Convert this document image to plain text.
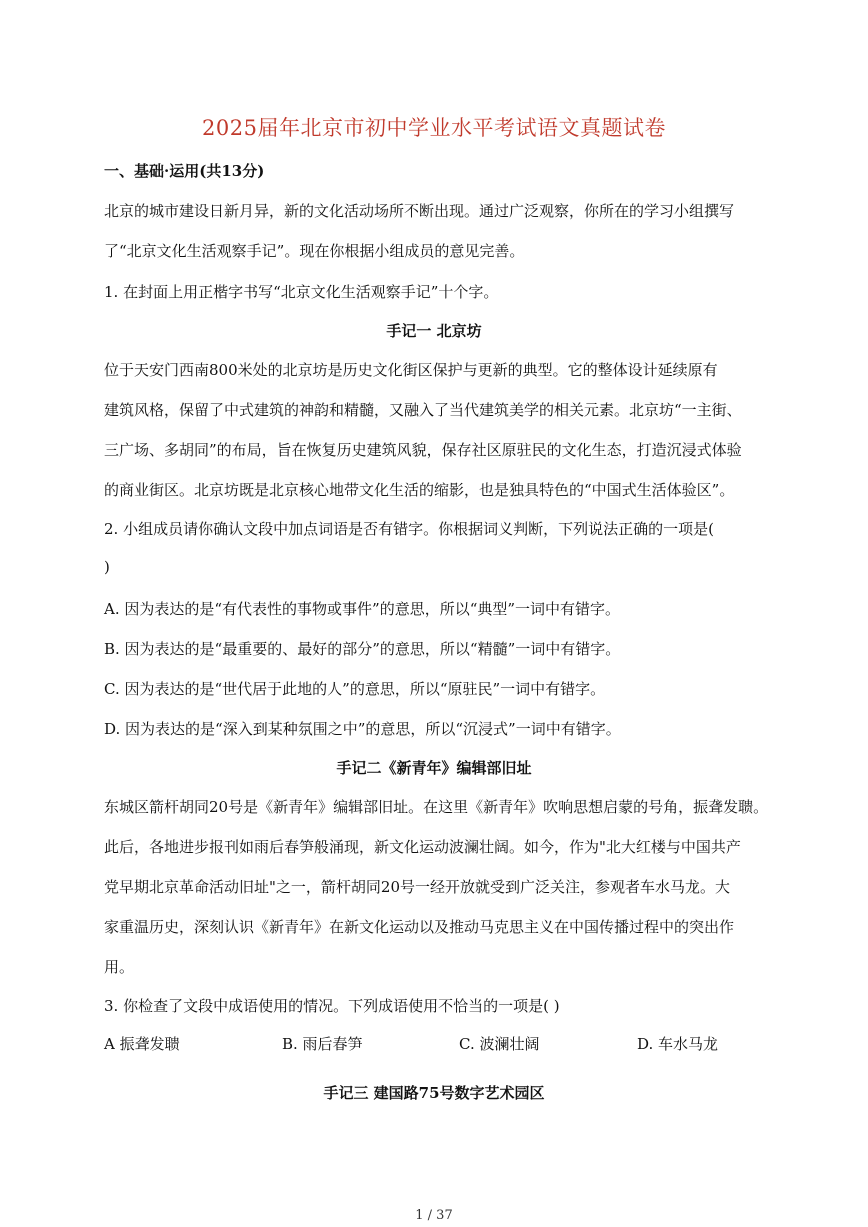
2025届年北京市初中学业水平考试语文真题试卷
一、基础·运用(共13分)
北京的城市建设日新月异，新的文化活动场所不断出现。通过广泛观察，你所在的学习小组撰写
了“北京文化生活观察手记”。现在你根据小组成员的意见完善。
1. 在封面上用正楷字书写“北京文化生活观察手记”十个字。
手记一 北京坊
位于天安门西南800米处的北京坊是历史文化街区保护与更新的典型。它的整体设计延续原有
建筑风格，保留了中式建筑的神韵和精髓，又融入了当代建筑美学的相关元素。北京坊“一主街、
三广场、多胡同”的布局，旨在恢复历史建筑风貌，保存社区原驻民的文化生态，打造沉浸式体验
的商业街区。北京坊既是北京核心地带文化生活的缩影，也是独具特色的“中国式生活体验区”。
2. 小组成员请你确认文段中加点词语是否有错字。你根据词义判断，下列说法正确的一项是(
)
A. 因为表达的是“有代表性的事物或事件”的意思，所以“典型”一词中有错字。
B. 因为表达的是“最重要的、最好的部分”的意思，所以“精髓”一词中有错字。
C. 因为表达的是“世代居于此地的人”的意思，所以“原驻民”一词中有错字。
D. 因为表达的是“深入到某种氛围之中”的意思，所以“沉浸式”一词中有错字。
手记二《新青年》编辑部旧址
东城区箭杆胡同20号是《新青年》编辑部旧址。在这里《新青年》吹响思想启蒙的号角，振聋发聩。
此后，各地进步报刊如雨后春笋般涌现，新文化运动波澜壮阔。如今，作为"北大红楼与中国共产
党早期北京革命活动旧址"之一，箭杆胡同20号一经开放就受到广泛关注，参观者车水马龙。大
家重温历史，深刻认识《新青年》在新文化运动以及推动马克思主义在中国传播过程中的突出作
用。
3. 你检查了文段中成语使用的情况。下列成语使用不恰当的一项是( )
A 振聋发聩	B. 雨后春笋	C. 波澜壮阔	D. 车水马龙
手记三 建国路75号数字艺术园区
1 / 37
